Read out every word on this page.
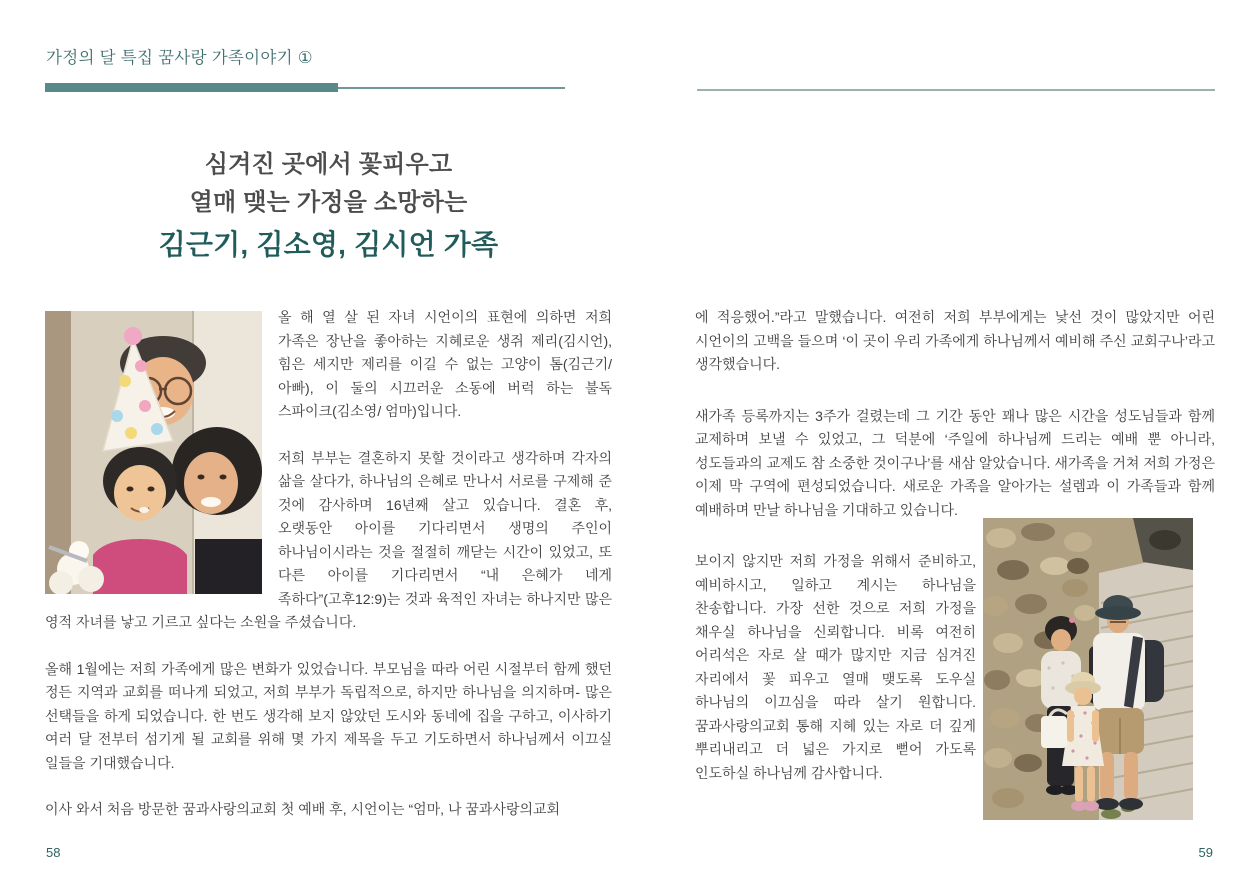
가정의 달 특집 꿈사랑 가족이야기 ①
심겨진 곳에서 꽃피우고
열매 맺는 가정을 소망하는
김근기, 김소영, 김시언 가족

올 해 열 살 된 자녀 시언이의 표현에 의하면 저희 가족은 장난을 좋아하는 지혜로운 생쥐 제리(김시언), 힘은 세지만 제리를 이길 수 없는 고양이 톰(김근기/ 아빠), 이 둘의 시끄러운 소동에 버럭 하는 불독 스파이크(김소영/ 엄마)입니다.

저희 부부는 결혼하지 못할 것이라고 생각하며 각자의 삶을 살다가, 하나님의 은혜로 만나서 서로를 구제해 준 것에 감사하며 16년째 살고 있습니다. 결혼 후, 오랫동안 아이를 기다리면서 생명의 주인이 하나님이시라는 것을 절절히 깨닫는 시간이 있었고, 또 다른 아이를 기다리면서 “내 은혜가 네게 족하다”(고후12:9)는 것과 육적인 자녀는 하나지만 많은 영적 자녀를 낳고 기르고 싶다는 소원을 주셨습니다.

올해 1월에는 저희 가족에게 많은 변화가 있었습니다. 부모님을 따라 어린 시절부터 함께 했던 정든 지역과 교회를 떠나게 되었고, 저희 부부가 독립적으로, 하지만 하나님을 의지하며- 많은 선택들을 하게 되었습니다. 한 번도 생각해 보지 않았던 도시와 동네에 집을 구하고, 이사하기 여러 달 전부터 섬기게 될 교회를 위해 몇 가지 제목을 두고 기도하면서 하나님께서 이끄실 일들을 기대했습니다.

이사 와서 처음 방문한 꿈과사랑의교회 첫 예배 후, 시언이는 “엄마, 나 꿈과사랑의교회

에 적응했어.”라고 말했습니다. 여전히 저희 부부에게는 낯선 것이 많았지만 어린 시언이의 고백을 들으며 ‘이 곳이 우리 가족에게 하나님께서 예비해 주신 교회구나’라고 생각했습니다.

새가족 등록까지는 3주가 걸렸는데 그 기간 동안 꽤나 많은 시간을 성도님들과 함께 교제하며 보낼 수 있었고, 그 덕분에 ‘주일에 하나님께 드리는 예배 뿐 아니라, 성도들과의 교제도 참 소중한 것이구나’를 새삼 알았습니다. 새가족을 거쳐 저희 가정은 이제 막 구역에 편성되었습니다. 새로운 가족을 알아가는 설렘과 이 가족들과 함께 예배하며 만날 하나님을 기대하고 있습니다.

보이지 않지만 저희 가정을 위해서 준비하고, 예비하시고, 일하고 계시는 하나님을 찬송합니다. 가장 선한 것으로 저희 가정을 채우실 하나님을 신뢰합니다. 비록 여전히 어리석은 자로 살 때가 많지만 지금 심겨진 자리에서 꽃 피우고 열매 맺도록 도우실 하나님의 이끄심을 따라 살기 원합니다. 꿈과사랑의교회 통해 지혜 있는 자로 더 깊게 뿌리내리고 더 넓은 가지로 뻗어 가도록 인도하실 하나님께 감사합니다.

58	59
